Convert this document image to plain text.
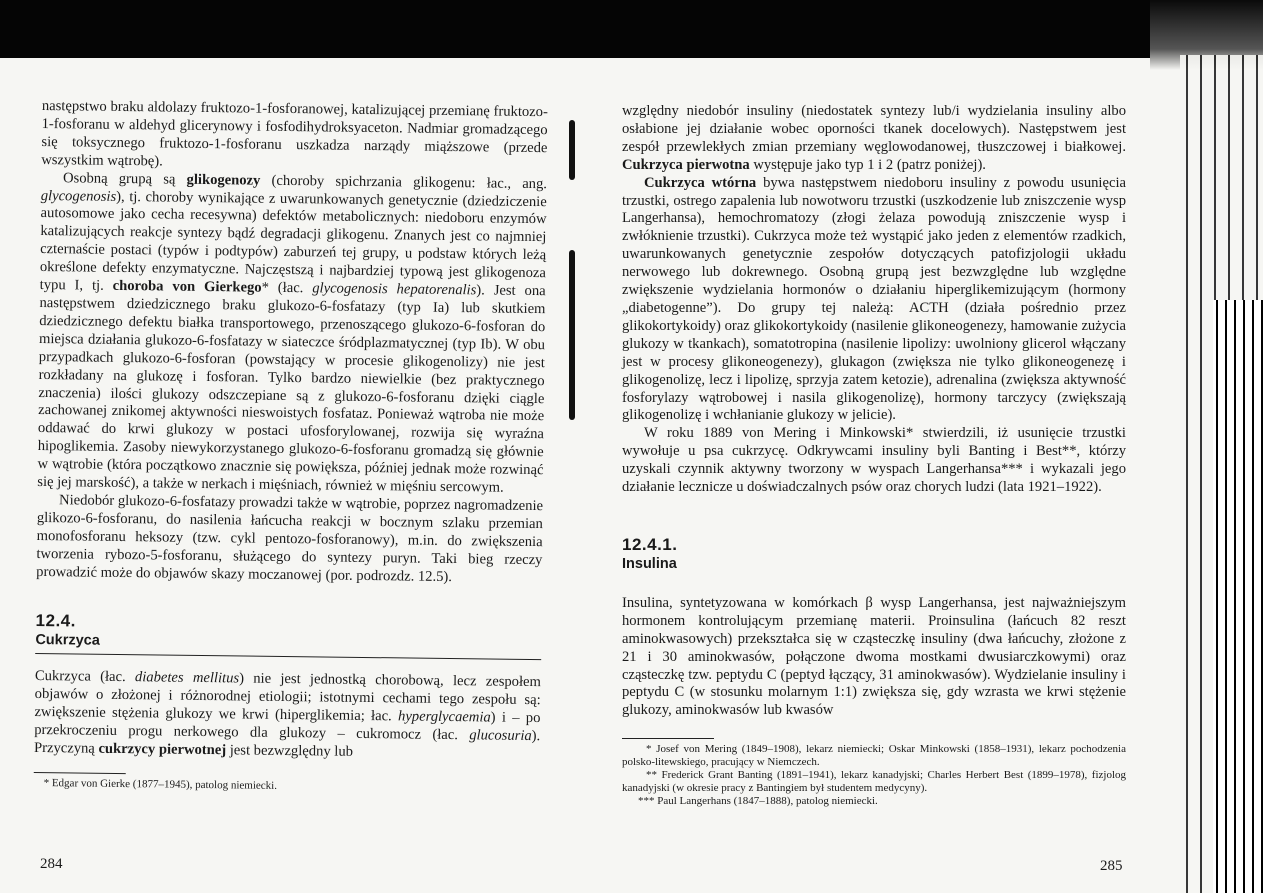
następstwo braku aldolazy fruktozo-1-fosforanowej, katalizującej przemianę fruktozo-1-fosforanu w aldehyd glicerynowy i fosfodihydroksyaceton. Nadmiar gromadzącego się toksycznego fruktozo-1-fosforanu uszkadza narządy miąższowe (przede wszystkim wątrobę).

Osobną grupą są glikogenozy (choroby spichrzania glikogenu: łac., ang. glycogenosis), tj. choroby wynikające z uwarunkowanych genetycznie (dziedziczenie autosomowe jako cecha recesywna) defektów metabolicznych: niedoboru enzymów katalizujących reakcje syntezy bądź degradacji glikogenu. Znanych jest co najmniej czternaście postaci (typów i podtypów) zaburzeń tej grupy, u podstaw których leżą określone defekty enzymatyczne. Najczęstszą i najbardziej typową jest glikogenoza typu I, tj. choroba von Gierkego* (łac. glycogenosis hepatorenalis). Jest ona następstwem dziedzicznego braku glukozo-6-fosfatazy (typ Ia) lub skutkiem dziedzicznego defektu białka transportowego, przenoszącego glukozo-6-fosforan do miejsca działania glukozo-6-fosfatazy w siateczce śródplazmatycznej (typ Ib). W obu przypadkach glukozo-6-fosforan (powstający w procesie glikogenolizy) nie jest rozkładany na glukozę i fosforan. Tylko bardzo niewielkie (bez praktycznego znaczenia) ilości glukozy odszczepiane są z glukozo-6-fosforanu dzięki ciągle zachowanej znikomej aktywności nieswoistych fosfataz. Ponieważ wątroba nie może oddawać do krwi glukozy w postaci ufosforylowanej, rozwija się wyraźna hipoglikemia. Zasoby niewykorzystanego glukozo-6-fosforanu gromadzą się głównie w wątrobie (która początkowo znacznie się powiększa, później jednak może rozwinąć się jej marskość), a także w nerkach i mięśniach, również w mięśniu sercowym.

Niedobór glukozo-6-fosfatazy prowadzi także w wątrobie, poprzez nagromadzenie glikozo-6-fosforanu, do nasilenia łańcucha reakcji w bocznym szlaku przemian monofosforanu heksozy (tzw. cykl pentozo-fosforanowy), m.in. do zwiększenia tworzenia rybozo-5-fosforanu, służącego do syntezy puryn. Taki bieg rzeczy prowadzić może do objawów skazy moczanowej (por. podrozdz. 12.5).

12.4.
Cukrzyca

Cukrzyca (łac. diabetes mellitus) nie jest jednostką chorobową, lecz zespołem objawów o złożonej i różnorodnej etiologii; istotnymi cechami tego zespołu są: zwiększenie stężenia glukozy we krwi (hiperglikemia; łac. hyperglycaemia) i – po przekroczeniu progu nerkowego dla glukozy – cukromocz (łac. glucosuria). Przyczyną cukrzycy pierwotnej jest bezwzględny lub

* Edgar von Gierke (1877–1945), patolog niemiecki.

284

względny niedobór insuliny (niedostatek syntezy lub/i wydzielania insuliny albo osłabione jej działanie wobec oporności tkanek docelowych). Następstwem jest zespół przewlekłych zmian przemiany węglowodanowej, tłuszczowej i białkowej. Cukrzyca pierwotna występuje jako typ 1 i 2 (patrz poniżej).

Cukrzyca wtórna bywa następstwem niedoboru insuliny z powodu usunięcia trzustki, ostrego zapalenia lub nowotworu trzustki (uszkodzenie lub zniszczenie wysp Langerhansa), hemochromatozy (złogi żelaza powodują zniszczenie wysp i zwłóknienie trzustki). Cukrzyca może też wystąpić jako jeden z elementów rzadkich, uwarunkowanych genetycznie zespołów dotyczących patofizjologii układu nerwowego lub dokrewnego. Osobną grupą jest bezwzględne lub względne zwiększenie wydzielania hormonów o działaniu hiperglikemizującym (hormony „diabetogenne”). Do grupy tej należą: ACTH (działa pośrednio przez glikokortykoidy) oraz glikokortykoidy (nasilenie glikoneogenezy, hamowanie zużycia glukozy w tkankach), somatotropina (nasilenie lipolizy: uwolniony glicerol włączany jest w procesy glikoneogenezy), glukagon (zwiększa nie tylko glikoneogenezę i glikogenolizę, lecz i lipolizę, sprzyja zatem ketozie), adrenalina (zwiększa aktywność fosforylazy wątrobowej i nasila glikogenolizę), hormony tarczycy (zwiększają glikogenolizę i wchłanianie glukozy w jelicie).

W roku 1889 von Mering i Minkowski* stwierdzili, iż usunięcie trzustki wywołuje u psa cukrzycę. Odkrywcami insuliny byli Banting i Best**, którzy uzyskali czynnik aktywny tworzony w wyspach Langerhansa*** i wykazali jego działanie lecznicze u doświadczalnych psów oraz chorych ludzi (lata 1921–1922).

12.4.1.
Insulina

Insulina, syntetyzowana w komórkach β wysp Langerhansa, jest najważniejszym hormonem kontrolującym przemianę materii. Proinsulina (łańcuch 82 reszt aminokwasowych) przekształca się w cząsteczkę insuliny (dwa łańcuchy, złożone z 21 i 30 aminokwasów, połączone dwoma mostkami dwusiarczkowymi) oraz cząsteczkę tzw. peptydu C (peptyd łączący, 31 aminokwasów). Wydzielanie insuliny i peptydu C (w stosunku molarnym 1:1) zwiększa się, gdy wzrasta we krwi stężenie glukozy, aminokwasów lub kwasów

* Josef von Mering (1849–1908), lekarz niemiecki; Oskar Minkowski (1858–1931), lekarz pochodzenia polsko-litewskiego, pracujący w Niemczech.

** Frederick Grant Banting (1891–1941), lekarz kanadyjski; Charles Herbert Best (1899–1978), fizjolog kanadyjski (w okresie pracy z Bantingiem był studentem medycyny).

*** Paul Langerhans (1847–1888), patolog niemiecki.

285
